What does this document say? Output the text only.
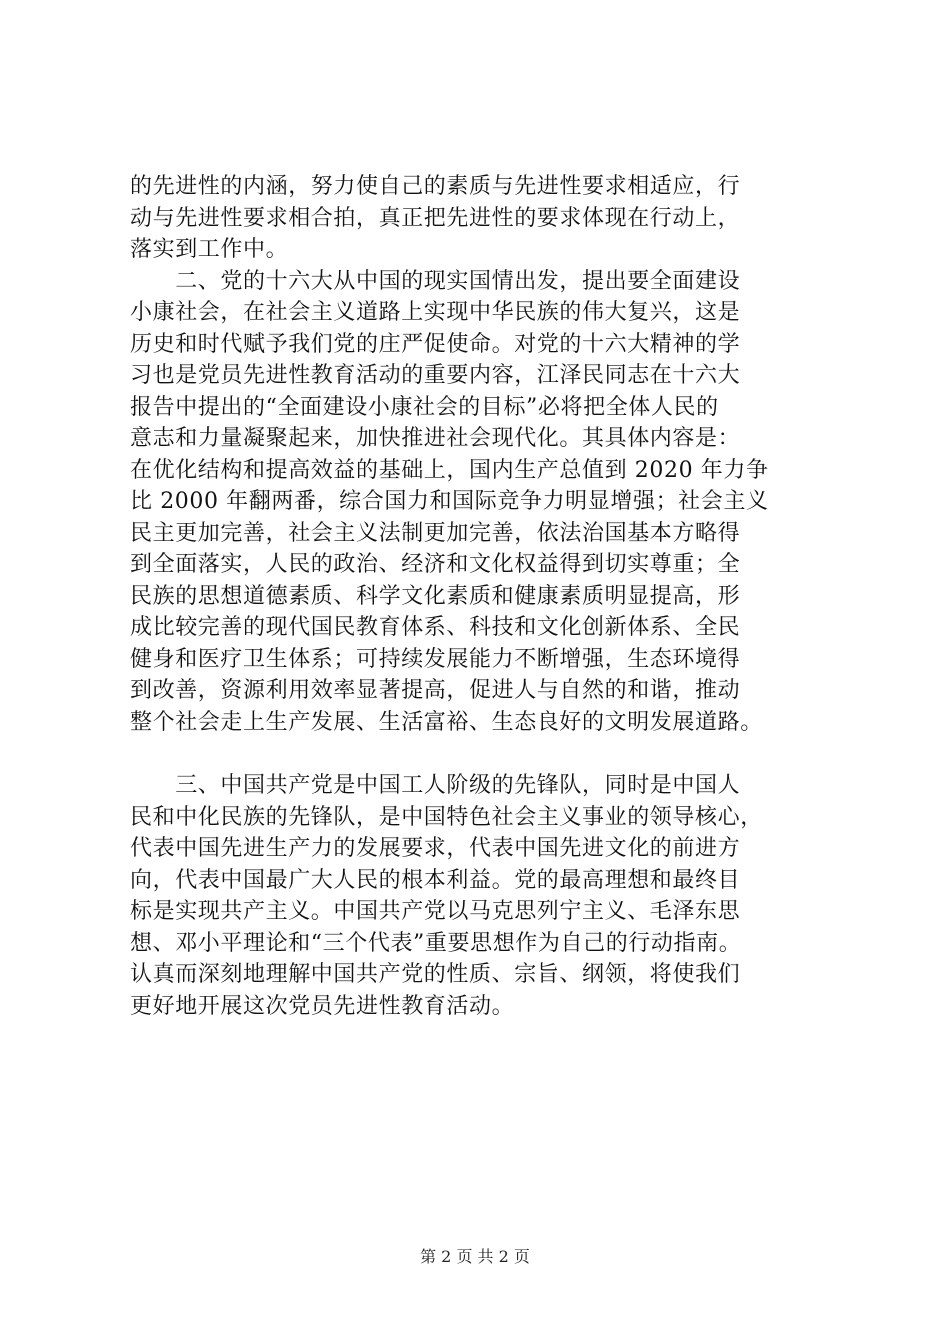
的先进性的内涵，努力使自己的素质与先进性要求相适应，行
动与先进性要求相合拍，真正把先进性的要求体现在行动上，
落实到工作中。
　　二、党的十六大从中国的现实国情出发，提出要全面建设
小康社会，在社会主义道路上实现中华民族的伟大复兴，这是
历史和时代赋予我们党的庄严促使命。对党的十六大精神的学
习也是党员先进性教育活动的重要内容，江泽民同志在十六大
报告中提出的“全面建设小康社会的目标”必将把全体人民的
意志和力量凝聚起来，加快推进社会现代化。其具体内容是：
在优化结构和提高效益的基础上，国内生产总值到 2020 年力争
比 2000 年翻两番，综合国力和国际竞争力明显增强；社会主义
民主更加完善，社会主义法制更加完善，依法治国基本方略得
到全面落实，人民的政治、经济和文化权益得到切实尊重；全
民族的思想道德素质、科学文化素质和健康素质明显提高，形
成比较完善的现代国民教育体系、科技和文化创新体系、全民
健身和医疗卫生体系；可持续发展能力不断增强，生态环境得
到改善，资源利用效率显著提高，促进人与自然的和谐，推动
整个社会走上生产发展、生活富裕、生态良好的文明发展道路。
　　三、中国共产党是中国工人阶级的先锋队，同时是中国人
民和中化民族的先锋队，是中国特色社会主义事业的领导核心，
代表中国先进生产力的发展要求，代表中国先进文化的前进方
向，代表中国最广大人民的根本利益。党的最高理想和最终目
标是实现共产主义。中国共产党以马克思列宁主义、毛泽东思
想、邓小平理论和“三个代表”重要思想作为自己的行动指南。
认真而深刻地理解中国共产党的性质、宗旨、纲领，将使我们
更好地开展这次党员先进性教育活动。
第 2 页 共 2 页
